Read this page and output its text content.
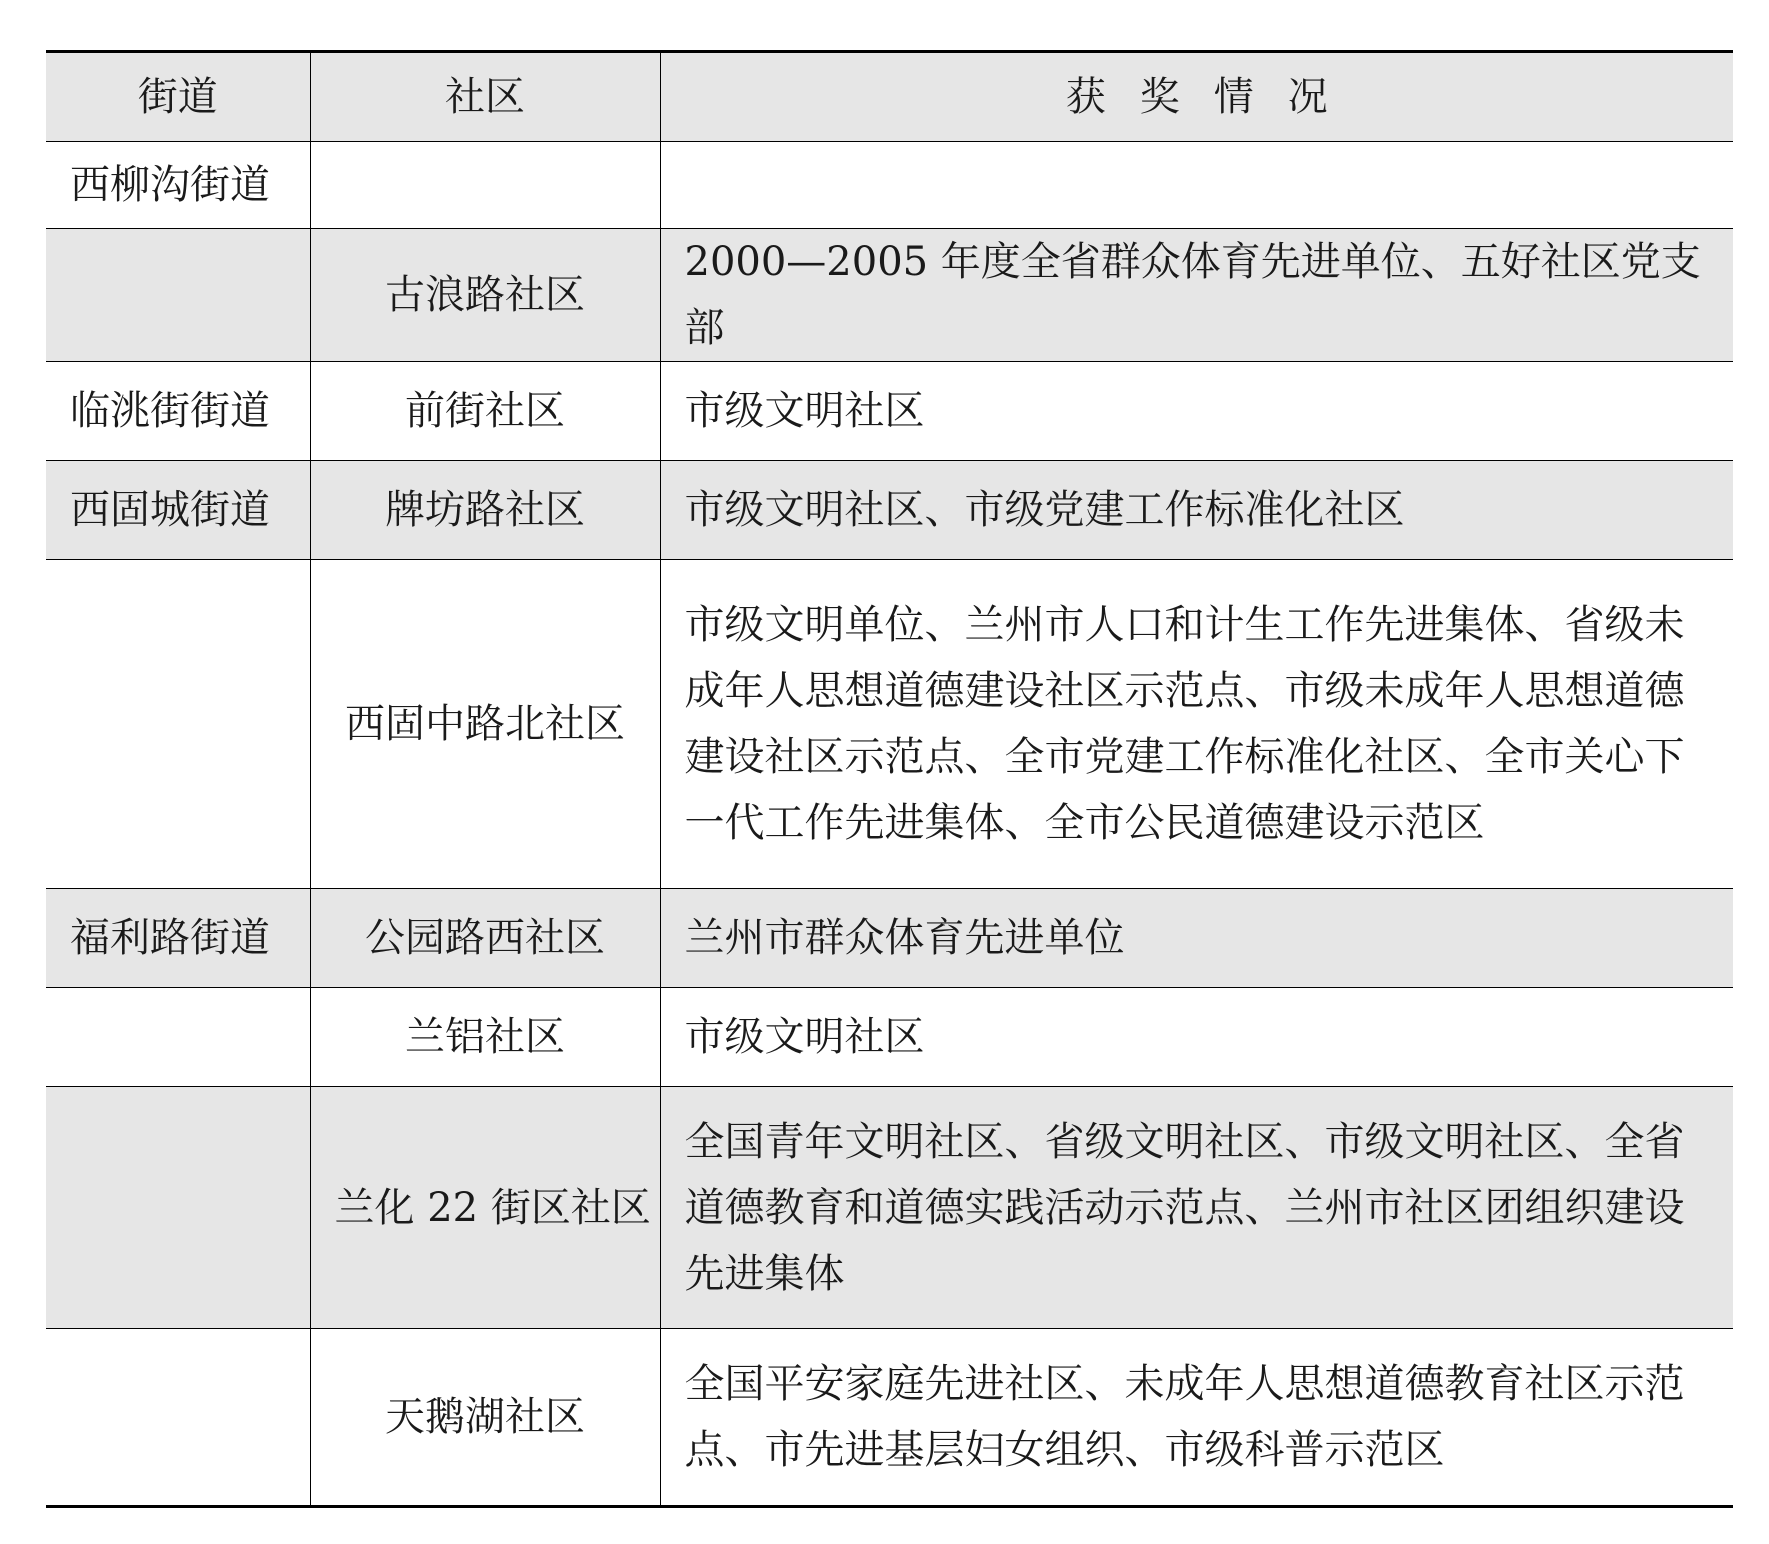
街道	社区	获奖情况
西柳沟街道		
	古浪路社区	2000—2005 年度全省群众体育先进单位、五好社区党支部
临洮街街道	前街社区	市级文明社区
西固城街道	牌坊路社区	市级文明社区、市级党建工作标准化社区
	西固中路北社区	市级文明单位、兰州市人口和计生工作先进集体、省级未成年人思想道德建设社区示范点、市级未成年人思想道德建设社区示范点、全市党建工作标准化社区、全市关心下一代工作先进集体、全市公民道德建设示范区
福利路街道	公园路西社区	兰州市群众体育先进单位
	兰铝社区	市级文明社区
	兰化 22 街区社区	全国青年文明社区、省级文明社区、市级文明社区、全省道德教育和道德实践活动示范点、兰州市社区团组织建设先进集体
	天鹅湖社区	全国平安家庭先进社区、未成年人思想道德教育社区示范点、市先进基层妇女组织、市级科普示范区
